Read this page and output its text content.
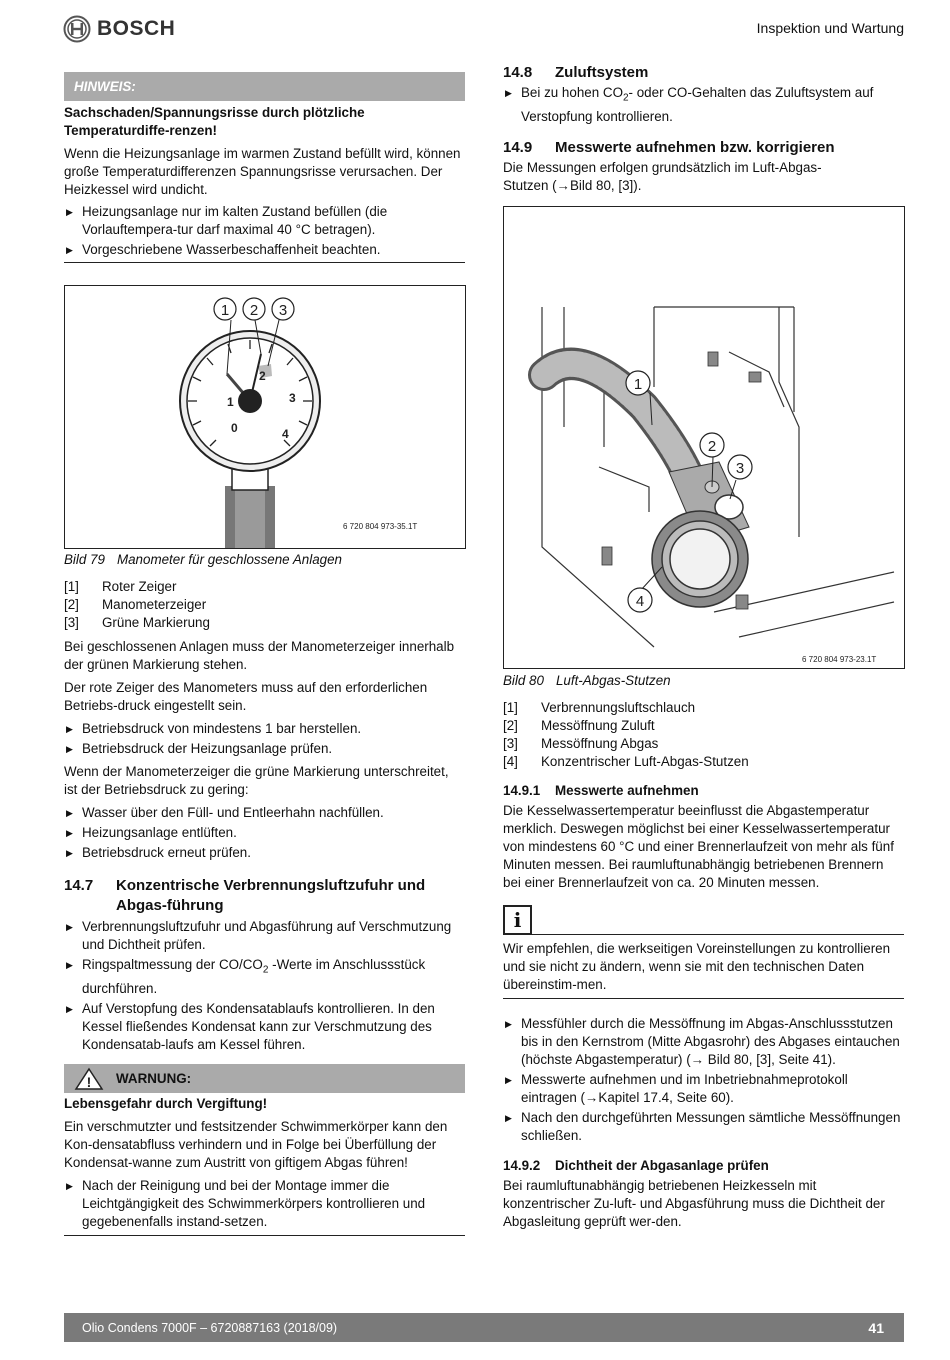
BOSCH	Inspektion und Wartung
HINWEIS:

Sachschaden/Spannungsrisse durch plötzliche Temperaturdiffe-renzen!

Wenn die Heizungsanlage im warmen Zustand befüllt wird, können große Temperaturdifferenzen Spannungsrisse verursachen. Der Heizkessel wird undicht.

▶ Heizungsanlage nur im kalten Zustand befüllen (die Vorlauftempera-tur darf maximal 40 °C betragen).

▶ Vorgeschriebene Wasserbeschaffenheit beachten.

0
1
2
3
4
1 2 3
6 720 804 973-35.1T

Bild 79 Manometer für geschlossene Anlagen

[1]	Roter Zeiger
[2]	Manometerzeiger
[3]	Grüne Markierung

Bei geschlossenen Anlagen muss der Manometerzeiger innerhalb der grünen Markierung stehen.

Der rote Zeiger des Manometers muss auf den erforderlichen Betriebs-druck eingestellt sein.

▶ Betriebsdruck von mindestens 1 bar herstellen.

▶ Betriebsdruck der Heizungsanlage prüfen.

Wenn der Manometerzeiger die grüne Markierung unterschreitet, ist der Betriebsdruck zu gering:

▶ Wasser über den Füll- und Entleerhahn nachfüllen.

▶ Heizungsanlage entlüften.

▶ Betriebsdruck erneut prüfen.

14.7	Konzentrische Verbrennungsluftzufuhr und Abgas-führung

▶ Verbrennungsluftzufuhr und Abgasführung auf Verschmutzung und Dichtheit prüfen.

▶ Ringspaltmessung der $CO/CO_2$ -Werte im Anschlussstück durchführen.

▶ Auf Verstopfung des Kondensatablaufs kontrollieren. In den Kessel fließendes Kondensat kann zur Verschmutzung des Kondensatab-laufs am Kessel führen.

! WARNUNG:

Lebensgefahr durch Vergiftung!

Ein verschmutzter und festsitzender Schwimmerkörper kann den Kon-densatabfluss verhindern und in Folge bei Überfüllung der Kondensat-wanne zum Austritt von giftigem Abgas führen!

▶ Nach der Reinigung und bei der Montage immer die Leichtgängigkeit des Schwimmerkörpers kontrollieren und gegebenenfalls instand-setzen.

14.8	Zuluftsystem

▶ Bei zu hohen $CO_2-$ oder CO-Gehalten das Zuluftsystem auf Verstopfung kontrollieren.

14.9	Messwerte aufnehmen bzw. korrigieren

Die Messungen erfolgen grundsätzlich im Luft-Abgas-Stutzen (→Bild 80, [3]).

1
2
3
4
6 720 804 973-23.1T

Bild 80 Luft-Abgas-Stutzen

[1]	Verbrennungsluftschlauch
[2]	Messöffnung Zuluft
[3]	Messöffnung Abgas
[4]	Konzentrischer Luft-Abgas-Stutzen
14.9.1	Messwerte aufnehmen

Die Kesselwassertemperatur beeinflusst die Abgastemperatur merklich. Deswegen möglichst bei einer Kesselwassertemperatur von mindestens 60 °C und einer Brennerlaufzeit von mehr als fünf Minuten messen. Bei raumluftunabhängig betriebenen Brennern bei einer Brennerlaufzeit von ca. 20 Minuten messen.

i

Wir empfehlen, die werkseitigen Voreinstellungen zu kontrollieren und sie nicht zu ändern, wenn sie mit den technischen Daten übereinstim-men.

▶ Messfühler durch die Messöffnung im Abgas-Anschlussstutzen bis in den Kernstrom (Mitte Abgasrohr) des Abgases eintauchen (höchste Abgastemperatur) (→ Bild 80, [3], Seite 41).

▶ Messwerte aufnehmen und im Inbetriebnahmeprotokoll eintragen (→Kapitel 17.4, Seite 60).

▶ Nach den durchgeführten Messungen sämtliche Messöffnungen schließen.

14.9.2	Dichtheit der Abgasanlage prüfen

Bei raumluftunabhängig betriebenen Heizkesseln mit konzentrischer Zu-luft- und Abgasführung muss die Dichtheit der Abgasleitung geprüft wer-den.

Olio Condens 7000F – 6720887163 (2018/09)	41
